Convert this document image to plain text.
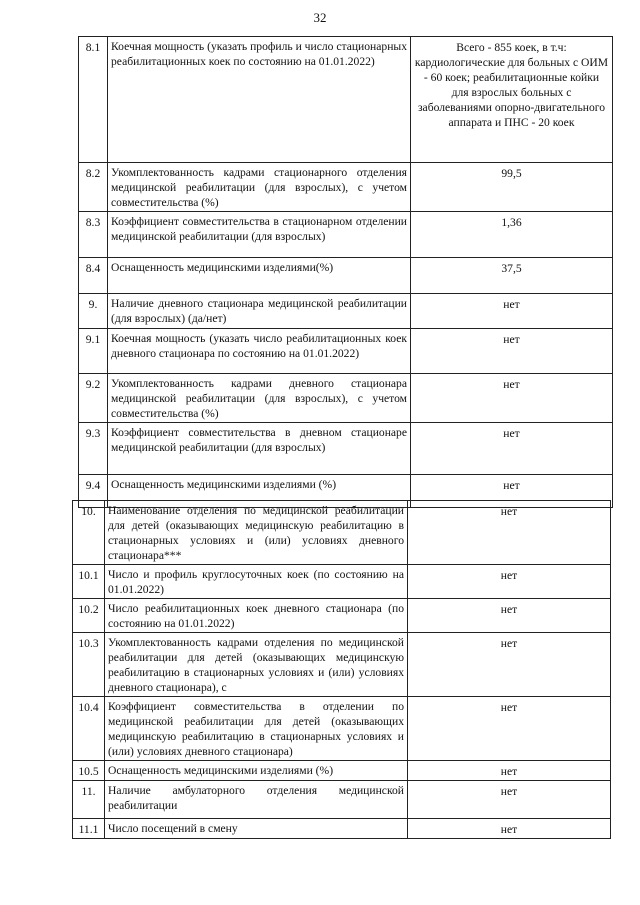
32
8.1	Коечная мощность (указать профиль и число стационарных реабилитационных коек по состоянию на 01.01.2022)	Всего - 855 коек, в т.ч: кардиологические для больных с ОИМ - 60 коек; реабилитационные койки для взрослых больных с заболеваниями опорно-двигательного аппарата и ПНС - 20 коек
8.2	Укомплектованность кадрами стационарного отделения медицинской реабилитации (для взрослых), с учетом совместительства (%)	99,5
8.3	Коэффициент совместительства в стационарном отделении медицинской реабилитации (для взрослых)	1,36
8.4	Оснащенность медицинскими изделиями(%)	37,5
9.	Наличие дневного стационара медицинской реабилитации (для взрослых) (да/нет)	нет
9.1	Коечная мощность (указать число реабилитационных коек дневного стационара по состоянию на 01.01.2022)	нет
9.2	Укомплектованность кадрами дневного стационара медицинской реабилитации (для взрослых), с учетом совместительства (%)	нет
9.3	Коэффициент совместительства в дневном стационаре медицинской реабилитации (для взрослых)	нет
9.4	Оснащенность медицинскими изделиями (%)	нет
10.	Наименование отделения по медицинской реабилитации для детей (оказывающих медицинскую реабилитацию в стационарных условиях и (или) условиях дневного стационара***	нет
10.1	Число и профиль круглосуточных коек (по состоянию на 01.01.2022)	нет
10.2	Число реабилитационных коек дневного стационара (по состоянию на 01.01.2022)	нет
10.3	Укомплектованность кадрами отделения по медицинской реабилитации для детей (оказывающих медицинскую реабилитацию в стационарных условиях и (или) условиях дневного стационара), с	нет
10.4	Коэффициент совместительства в отделении по медицинской реабилитации для детей (оказывающих медицинскую реабилитацию в стационарных условиях и (или) условиях дневного стационара)	нет
10.5	Оснащенность медицинскими изделиями (%)	нет
11.	Наличие амбулаторного отделения медицинской реабилитации	нет
11.1	Число посещений в смену	нет
